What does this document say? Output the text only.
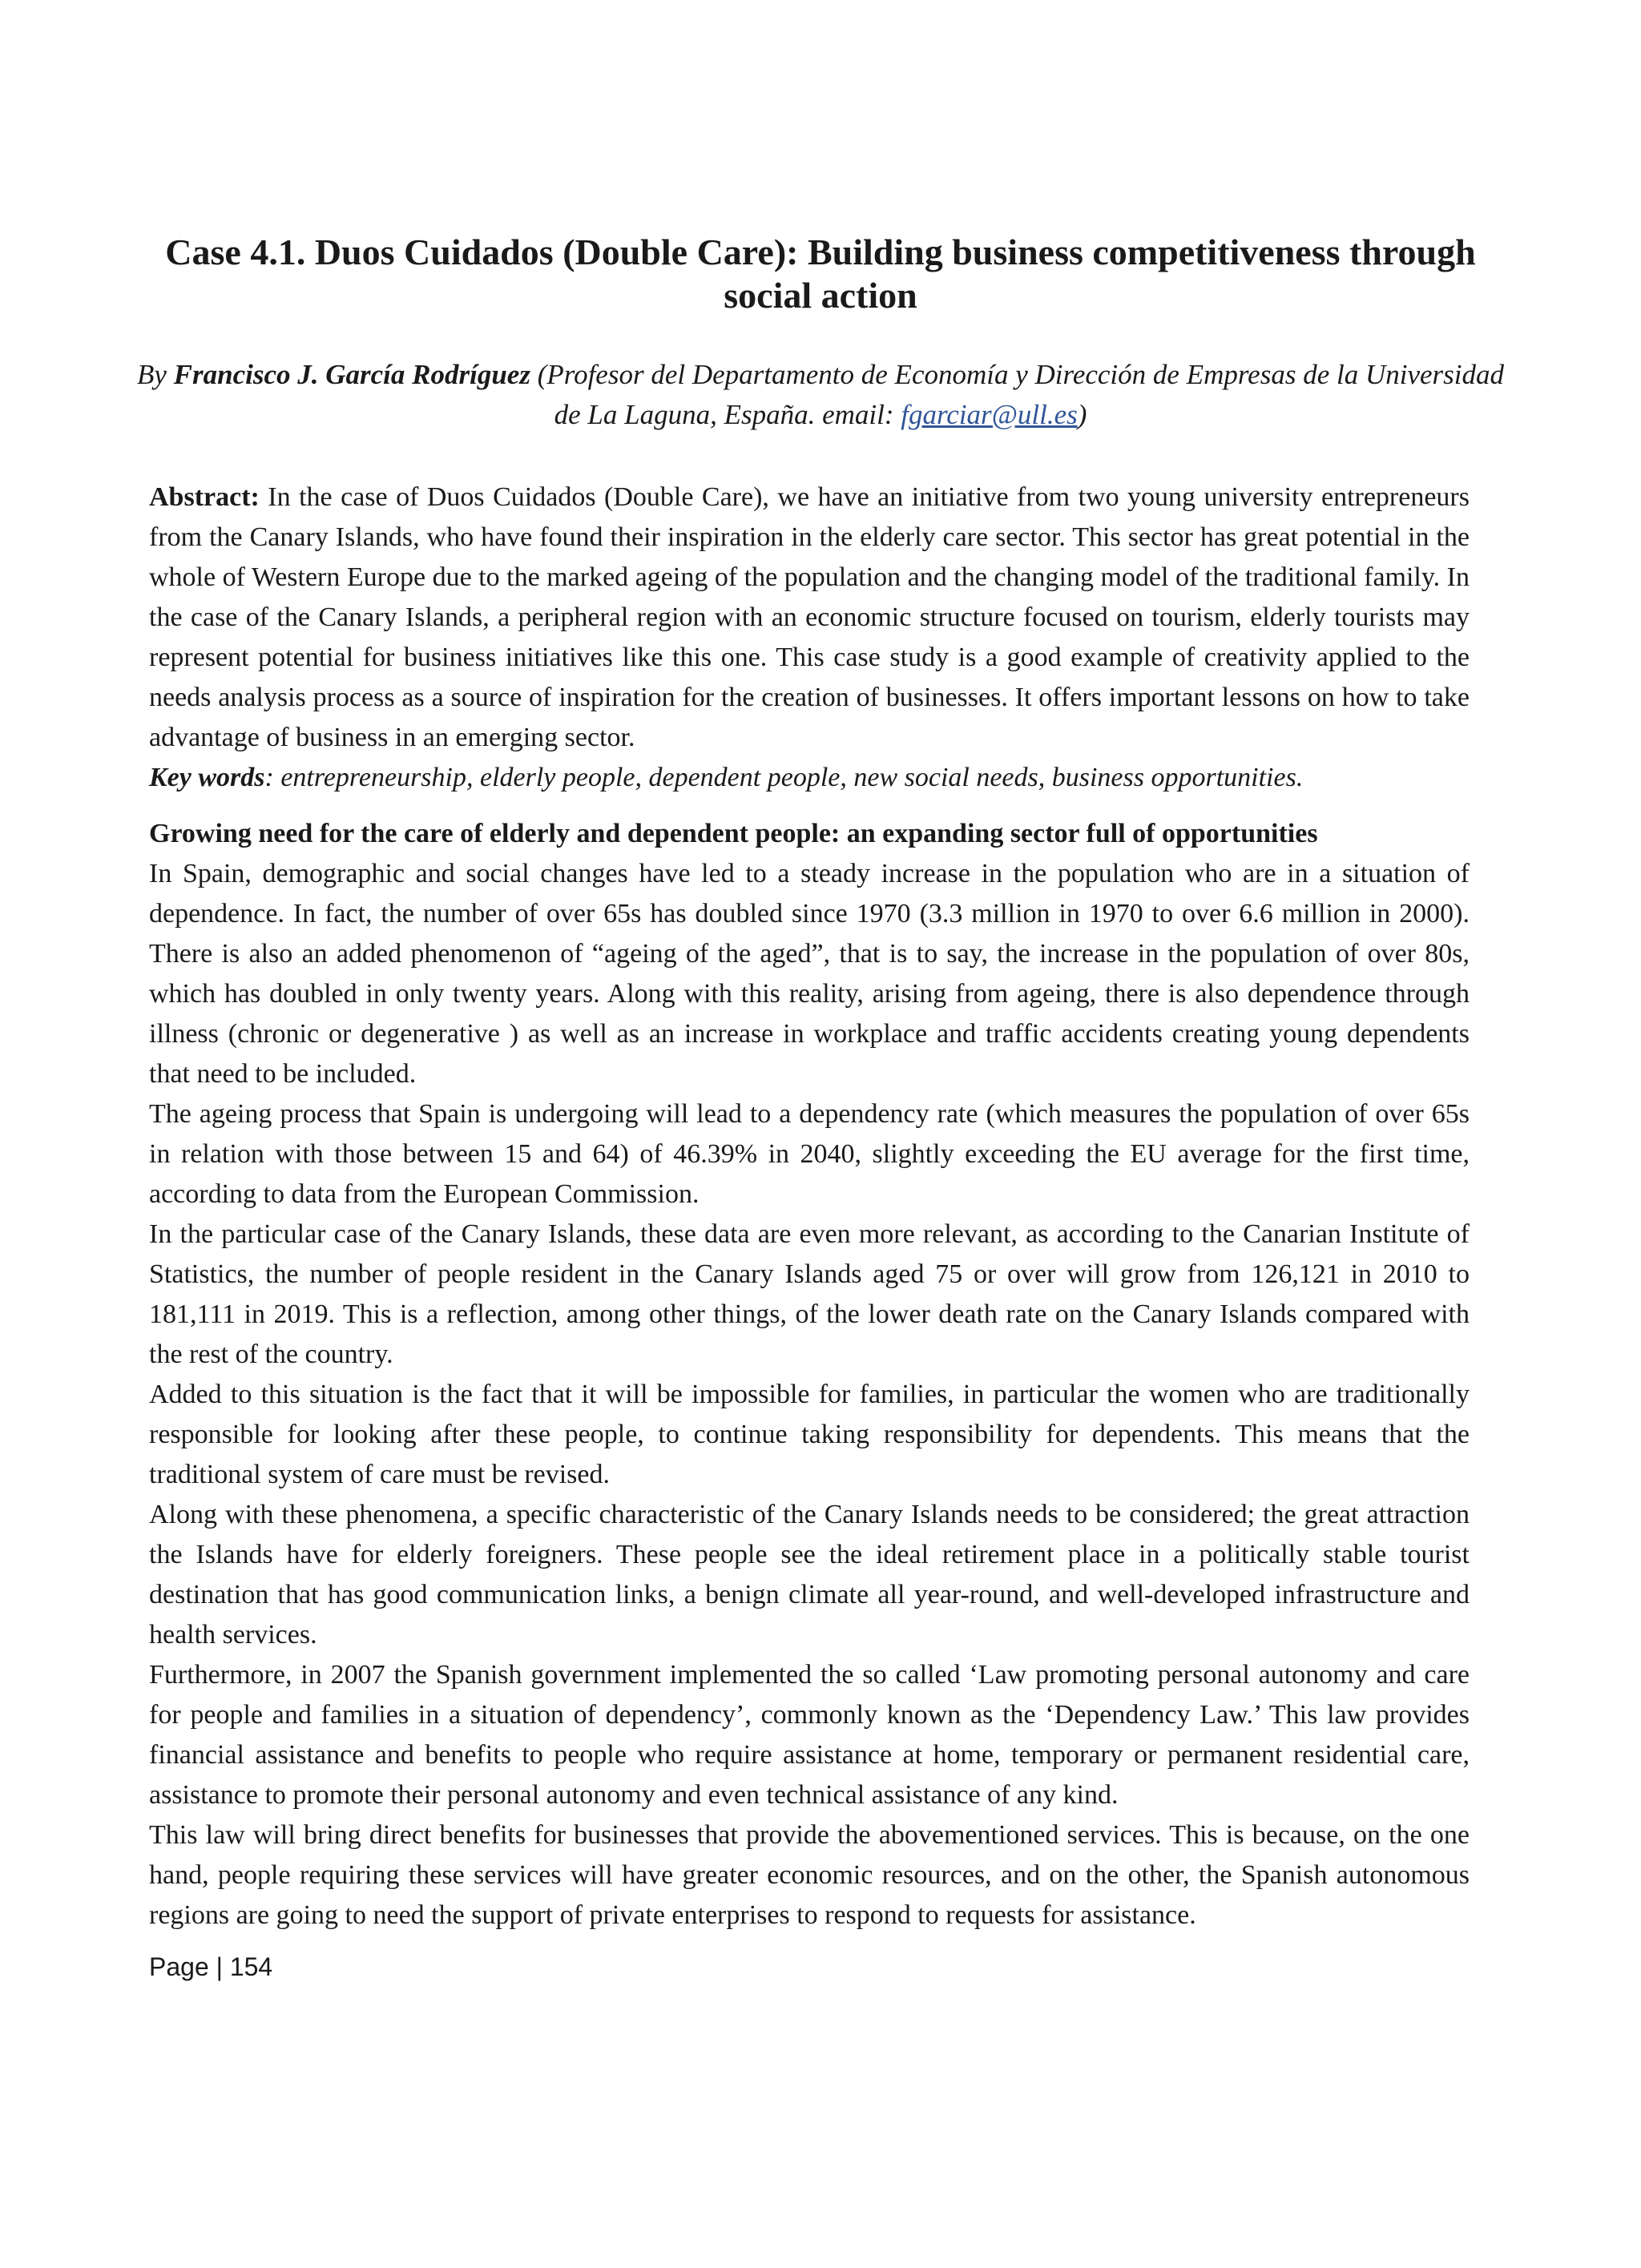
Case 4.1. Duos Cuidados (Double Care): Building business competitiveness through social action

By Francisco J. García Rodríguez (Profesor del Departamento de Economía y Dirección de Empresas de la Universidad de La Laguna, España. email: fgarciar@ull.es)

Abstract: In the case of Duos Cuidados (Double Care), we have an initiative from two young university entrepreneurs from the Canary Islands, who have found their inspiration in the elderly care sector. This sector has great potential in the whole of Western Europe due to the marked ageing of the population and the changing model of the traditional family. In the case of the Canary Islands, a peripheral region with an economic structure focused on tourism, elderly tourists may represent potential for business initiatives like this one. This case study is a good example of creativity applied to the needs analysis process as a source of inspiration for the creation of businesses. It offers important lessons on how to take advantage of business in an emerging sector.

Key words: entrepreneurship, elderly people, dependent people, new social needs, business opportunities.

Growing need for the care of elderly and dependent people: an expanding sector full of opportunities

In Spain, demographic and social changes have led to a steady increase in the population who are in a situation of dependence. In fact, the number of over 65s has doubled since 1970 (3.3 million in 1970 to over 6.6 million in 2000). There is also an added phenomenon of “ageing of the aged”, that is to say, the increase in the population of over 80s, which has doubled in only twenty years. Along with this reality, arising from ageing, there is also dependence through illness (chronic or degenerative ) as well as an increase in workplace and traffic accidents creating young dependents that need to be included.

The ageing process that Spain is undergoing will lead to a dependency rate (which measures the population of over 65s in relation with those between 15 and 64) of 46.39% in 2040, slightly exceeding the EU average for the first time, according to data from the European Commission.

In the particular case of the Canary Islands, these data are even more relevant, as according to the Canarian Institute of Statistics, the number of people resident in the Canary Islands aged 75 or over will grow from 126,121 in 2010 to 181,111 in 2019. This is a reflection, among other things, of the lower death rate on the Canary Islands compared with the rest of the country.

Added to this situation is the fact that it will be impossible for families, in particular the women who are traditionally responsible for looking after these people, to continue taking responsibility for dependents. This means that the traditional system of care must be revised.

Along with these phenomena, a specific characteristic of the Canary Islands needs to be considered; the great attraction the Islands have for elderly foreigners. These people see the ideal retirement place in a politically stable tourist destination that has good communication links, a benign climate all year-round, and well-developed infrastructure and health services.

Furthermore, in 2007 the Spanish government implemented the so called ‘Law promoting personal autonomy and care for people and families in a situation of dependency’, commonly known as the ‘Dependency Law.’ This law provides financial assistance and benefits to people who require assistance at home, temporary or permanent residential care, assistance to promote their personal autonomy and even technical assistance of any kind.

This law will bring direct benefits for businesses that provide the abovementioned services. This is because, on the one hand, people requiring these services will have greater economic resources, and on the other, the Spanish autonomous regions are going to need the support of private enterprises to respond to requests for assistance.

Page | 154
